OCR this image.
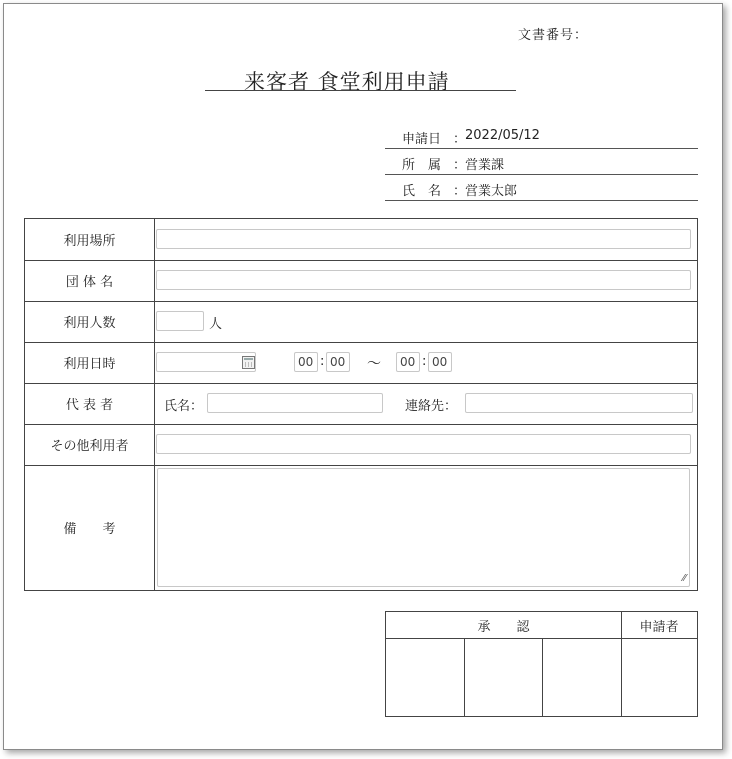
文書番号：
来客者 食堂利用申請
申請日 ：
2022/05/12
所　属 ：
営業課
氏　名 ：
営業太郎
利用場所
団 体 名
利用人数	人
利用日時	00 : 00	〜	00 : 00
代 表 者	氏名：	連絡先：
その他利用者
備　　考
⁄⁄
承　　認	申請者
